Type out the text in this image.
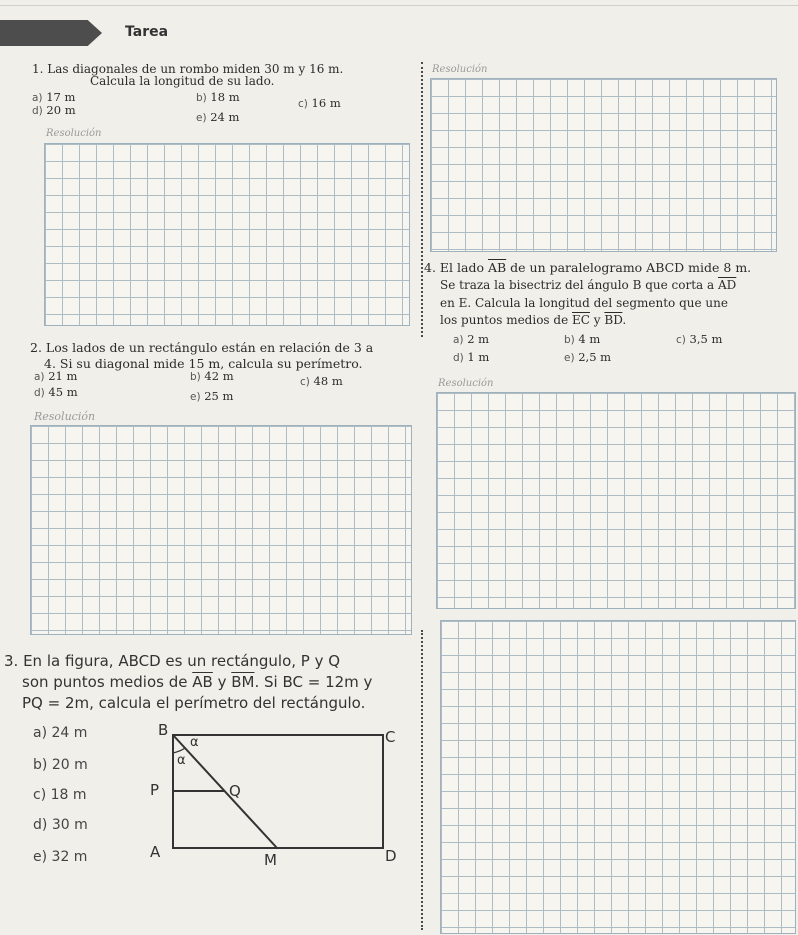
Tarea
1. Las diagonales de un rombo miden 30 m y 16 m.
Calcula la longitud de su lado.
a) 17 m	b) 18 m	c) 16 m
d) 20 m
e) 24 m
Resolución
Resolución
4. El lado $\overline{AB}$ de un paralelogramo ABCD mide 8 m.
Se traza la bisectriz del ángulo B que corta a $\overline{AD}$
en E. Calcula la longitud del segmento que une
los puntos medios de $\overline{EC}$ y $\overline{BD}$.
a) 2 m	b) 4 m	c) 3,5 m
d) 1 m	e) 2,5 m
Resolución
2. Los lados de un rectángulo están en relación de 3 a
4. Si su diagonal mide 15 m, calcula su perímetro.
a) 21 m	b) 42 m	c) 48 m
d) 45 m	e) 25 m
Resolución
3. En la figura, ABCD es un rectángulo, P y Q
son puntos medios de $\overline{AB}$ y $\overline{BM}$. Si BC = 12m y
PQ = 2m, calcula el perímetro del rectángulo.
a) 24 m
b) 20 m
c) 18 m
d) 30 m
e) 32 m
B	C
P	Q
A	M	D
α
α
